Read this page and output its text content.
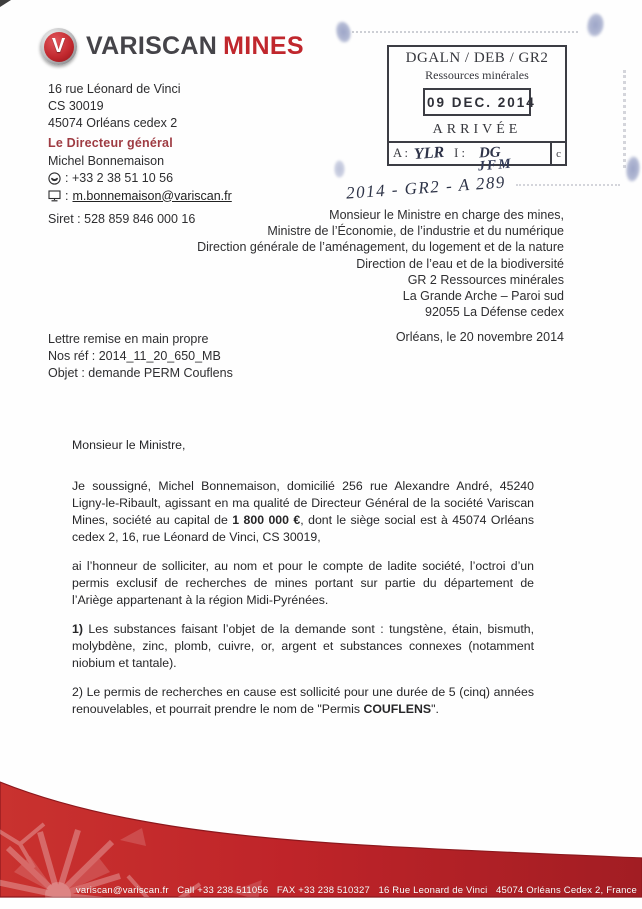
V VARISCAN MINES
16 rue Léonard de Vinci
CS 30019
45074 Orléans cedex 2
Le Directeur général
Michel Bonnemaison
: +33 2 38 51 10 56
: m.bonnemaison@variscan.fr
Siret : 528 859 846 000 16
DGALN / DEB / GR2
Ressources minérales
09 DEC. 2014
ARRIVÉE
A : YLR I : DG	c
JFM
2014 - GR2 - A 289
Monsieur le Ministre en charge des mines,
Ministre de l’Économie, de l’industrie et du numérique
Direction générale de l’aménagement, du logement et de la nature
Direction de l’eau et de la biodiversité
GR 2 Ressources minérales
La Grande Arche – Paroi sud
92055 La Défense cedex
Orléans, le 20 novembre 2014
Lettre remise en main propre
Nos réf : 2014_11_20_650_MB
Objet : demande PERM Couflens
Monsieur le Ministre,

Je soussigné, Michel Bonnemaison, domicilié 256 rue Alexandre André, 45240 Ligny-le-Ribault, agissant en ma qualité de Directeur Général de la société Variscan Mines, société au capital de 1 800 000 €, dont le siège social est à 45074 Orléans cedex 2, 16, rue Léonard de Vinci, CS 30019,

ai l’honneur de solliciter, au nom et pour le compte de ladite société, l’octroi d’un permis exclusif de recherches de mines portant sur partie du département de l’Ariège appartenant à la région Midi-Pyrénées.

1) Les substances faisant l’objet de la demande sont : tungstène, étain, bismuth, molybdène, zinc, plomb, cuivre, or, argent et substances connexes (notamment niobium et tantale).

2) Le permis de recherches en cause est sollicité pour une durée de 5 (cinq) années renouvelables, et pourrait prendre le nom de "Permis COUFLENS".

variscan@variscan.fr   Call +33 238 511056   FAX +33 238 510327   16 Rue Leonard de Vinci   45074 Orléans Cedex 2, France
